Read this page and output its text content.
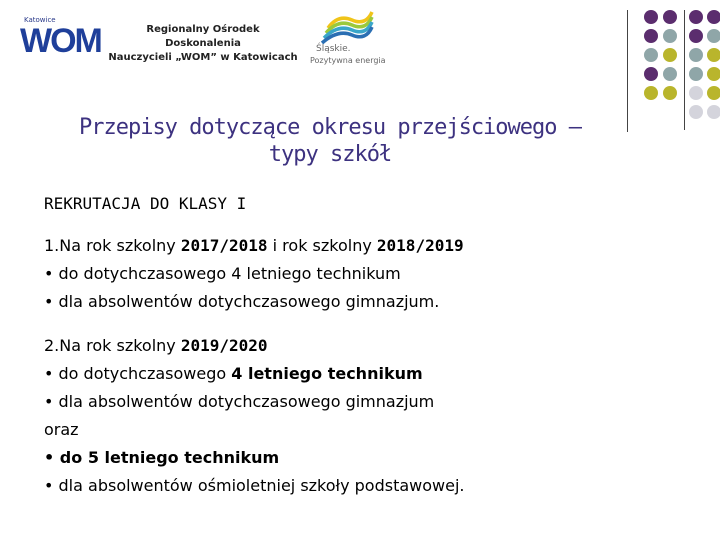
Katowice
WOM	Regionalny Ośrodek Doskonalenia
Nauczycieli „WOM” w Katowicach
Śląskie.
Pozytywna energia
Przepisy dotyczące okresu przejściowego –
typy szkół

REKRUTACJA DO KLASY I

1.Na rok szkolny 2017/2018 i rok szkolny 2018/2019

• do dotychczasowego 4 letniego technikum

• dla absolwentów dotychczasowego gimnazjum.

2.Na rok szkolny 2019/2020

• do dotychczasowego 4 letniego technikum

• dla absolwentów dotychczasowego gimnazjum

oraz

• do 5 letniego technikum

• dla absolwentów ośmioletniej szkoły podstawowej.
